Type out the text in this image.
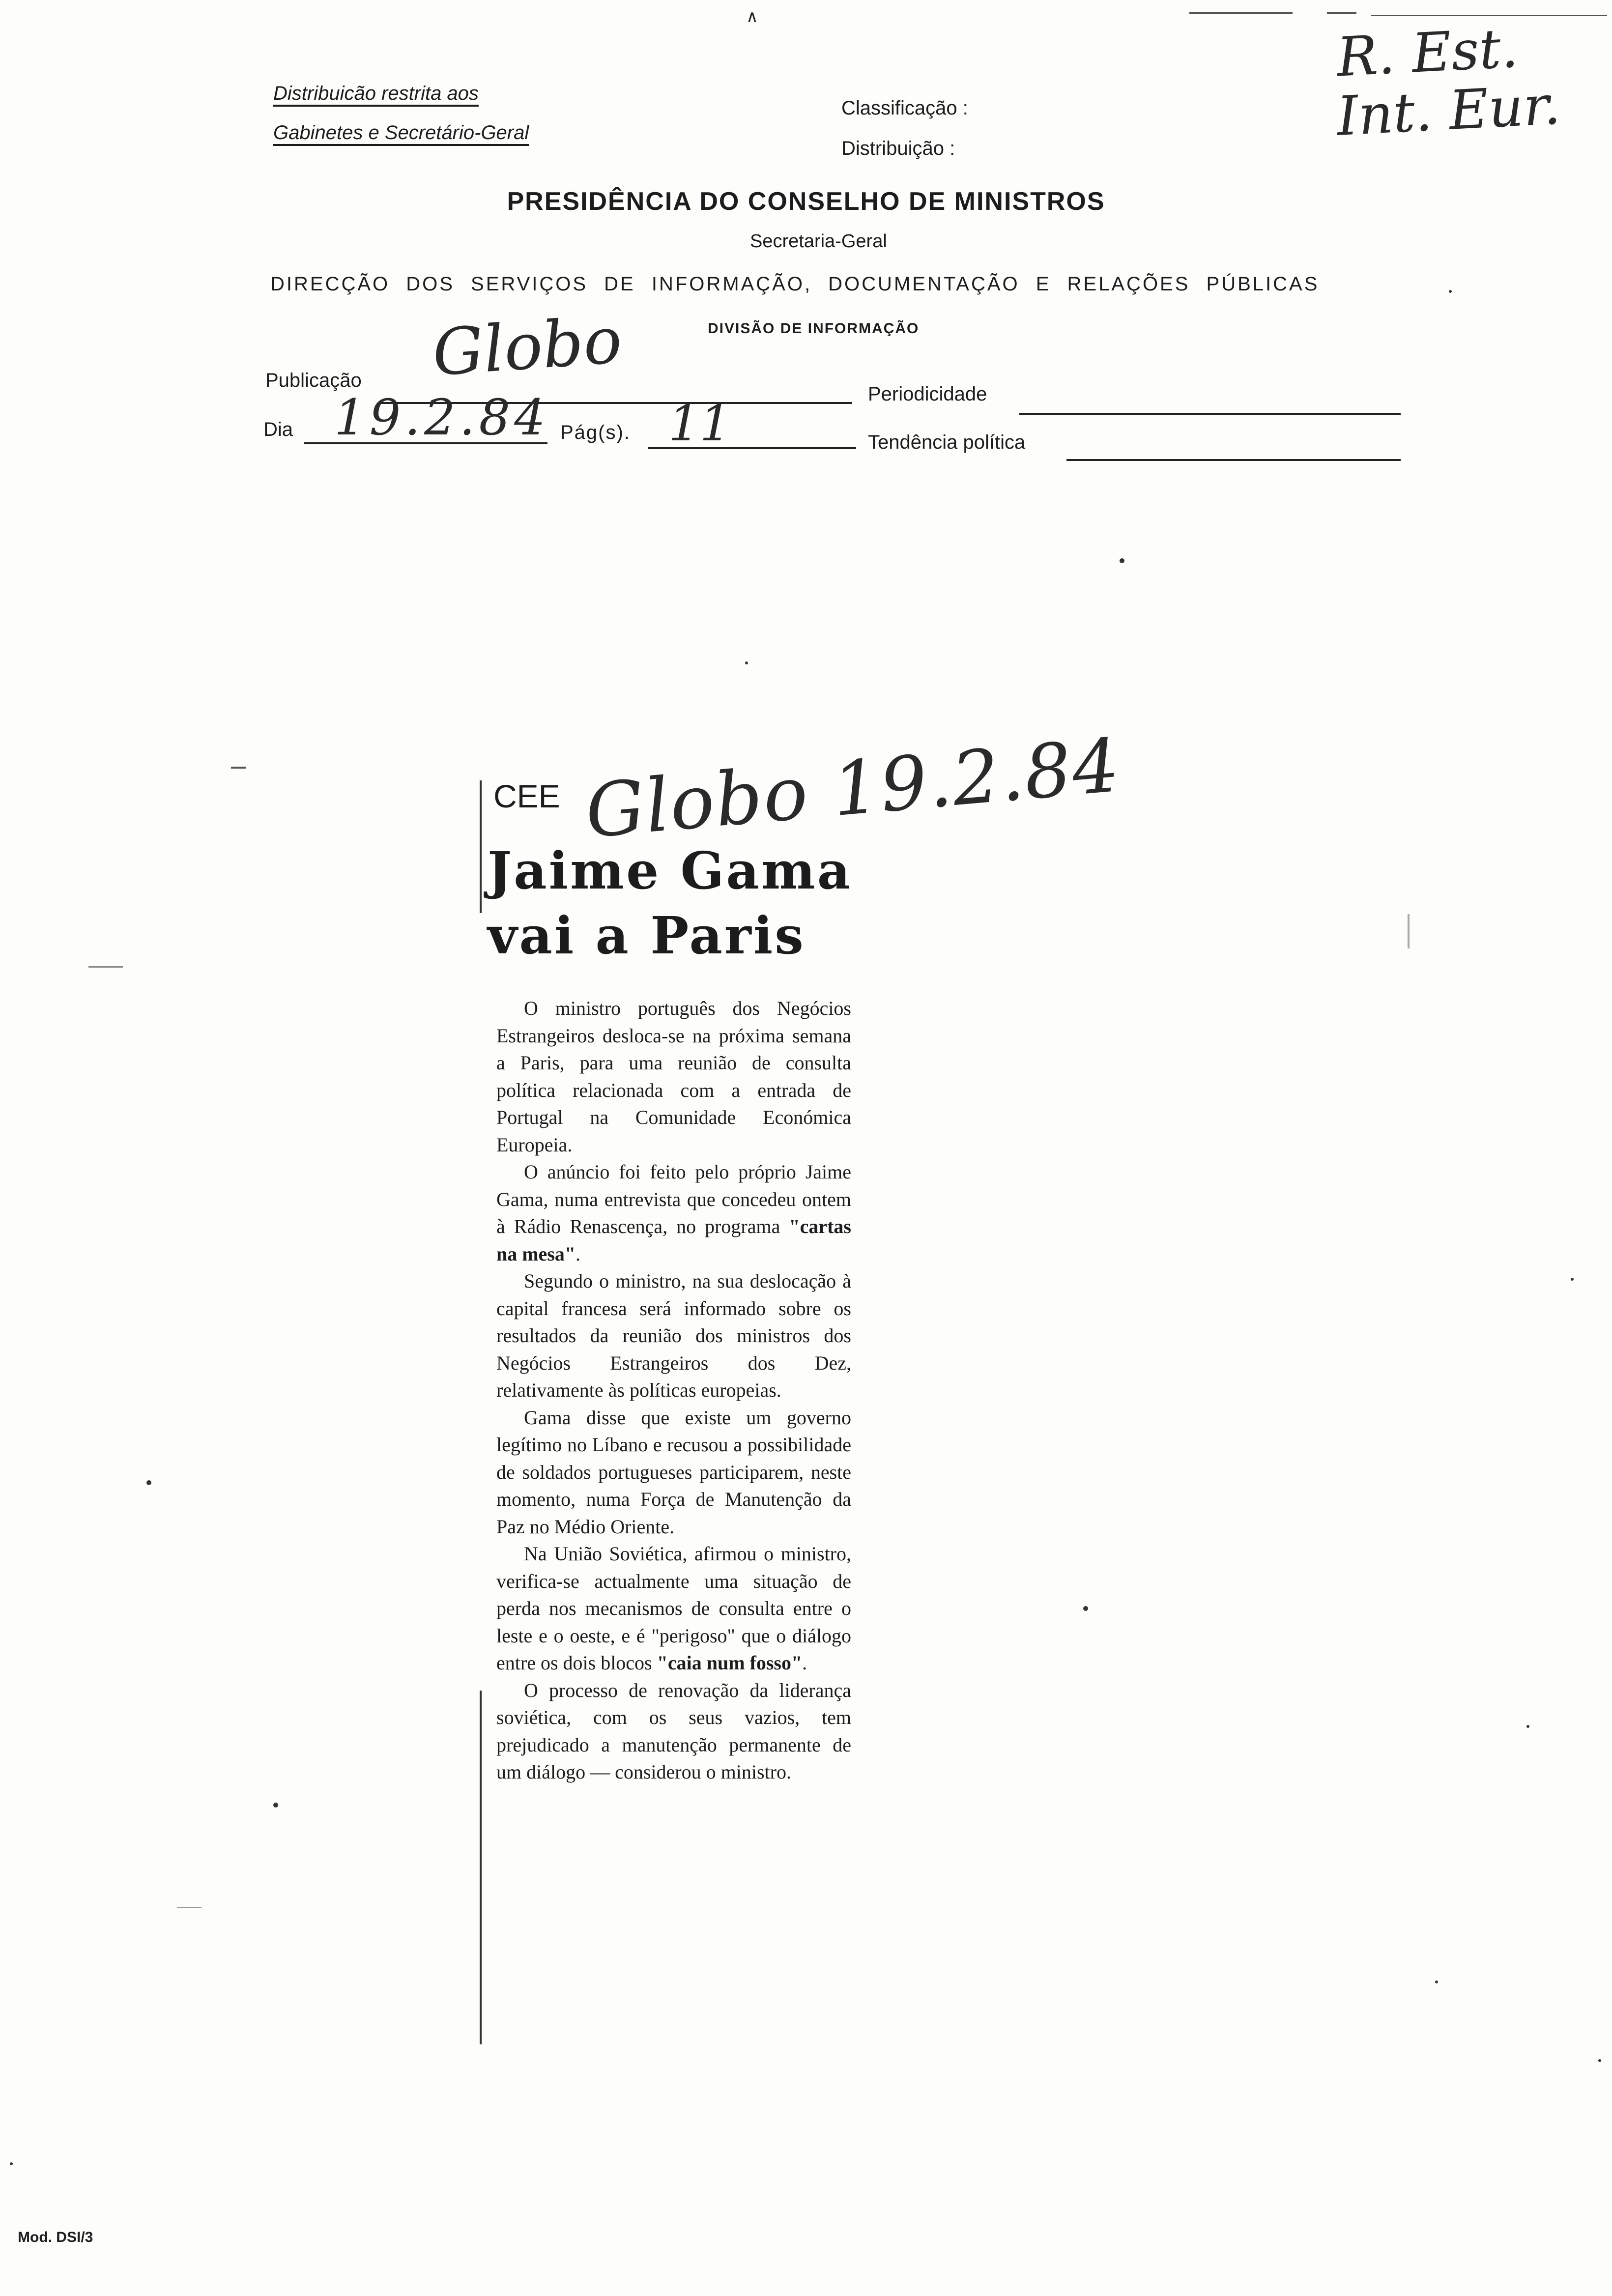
Distribuicão restrita aos
Gabinetes e Secretário-Geral
Classificação :
Distribuição :
R. Est.
Int. Eur.
∧
PRESIDÊNCIA DO CONSELHO DE MINISTROS
Secretaria-Geral
DIRECÇÃO DOS SERVIÇOS DE INFORMAÇÃO, DOCUMENTAÇÃO E RELAÇÕES PÚBLICAS
DIVISÃO DE INFORMAÇÃO
Publicação Globo
Periodicidade
Dia 19.2.84 Pág(s). 11	Tendência política
CEE Globo 19.2.84
Jaime Gama
vai a Paris

O ministro português dos Negócios Estrangeiros desloca-se na próxima semana a Paris, para uma reunião de consulta política relacionada com a entrada de Portugal na Comunidade Económica Europeia.

O anúncio foi feito pelo próprio Jaime Gama, numa entrevista que concedeu ontem à Rádio Renascença, no programa "cartas na mesa".

Segundo o ministro, na sua deslocação à capital francesa será informado sobre os resultados da reunião dos ministros dos Negócios Estrangeiros dos Dez, relativamente às políticas europeias.

Gama disse que existe um governo legítimo no Líbano e recusou a possibilidade de soldados portugueses participarem, neste momento, numa Força de Manutenção da Paz no Médio Oriente.

Na União Soviética, afirmou o ministro, verifica-se actualmente uma situação de perda nos mecanismos de consulta entre o leste e o oeste, e é "perigoso" que o diálogo entre os dois blocos "caia num fosso".

O processo de renovação da liderança soviética, com os seus vazios, tem prejudicado a manutenção permanente de um diálogo — considerou o ministro.

Mod. DSI/3
